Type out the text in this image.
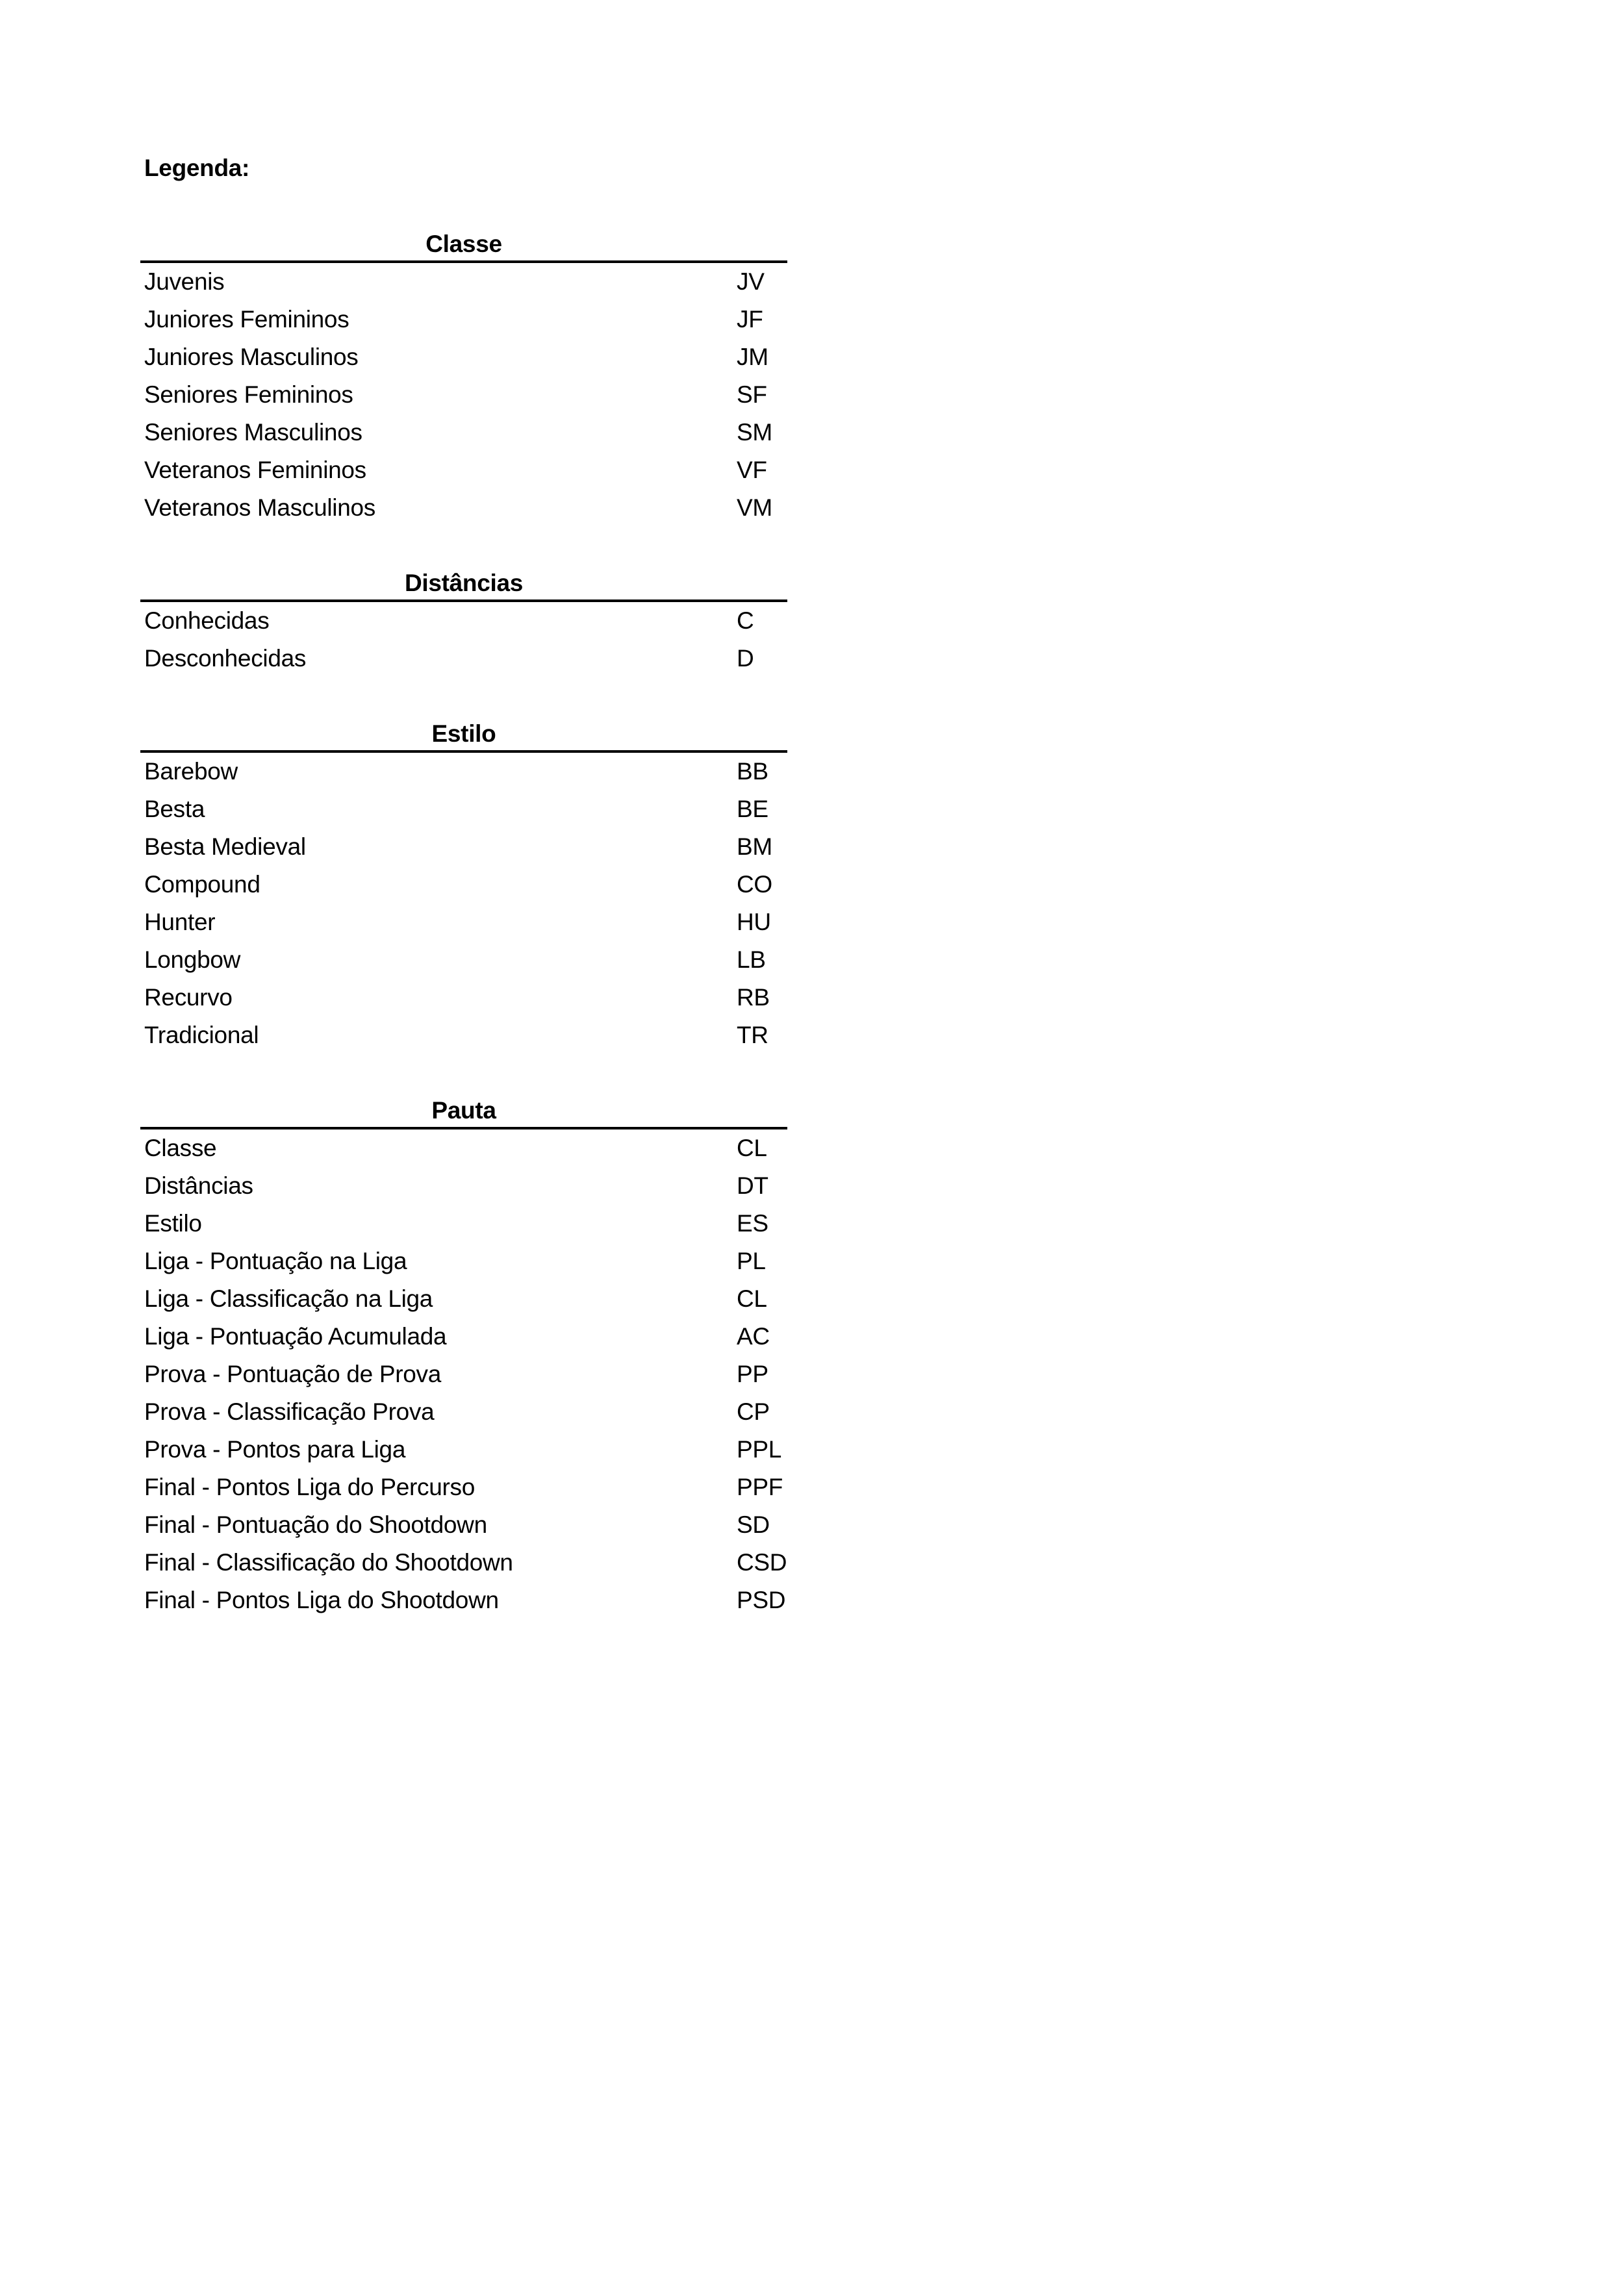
Legenda:
Classe
Juvenis	JV
Juniores Femininos	JF
Juniores Masculinos	JM
Seniores Femininos	SF
Seniores Masculinos	SM
Veteranos Femininos	VF
Veteranos Masculinos	VM
Distâncias
Conhecidas	C
Desconhecidas	D
Estilo
Barebow	BB
Besta	BE
Besta Medieval	BM
Compound	CO
Hunter	HU
Longbow	LB
Recurvo	RB
Tradicional	TR
Pauta
Classe	CL
Distâncias	DT
Estilo	ES
Liga - Pontuação na Liga	PL
Liga - Classificação na Liga	CL
Liga - Pontuação Acumulada	AC
Prova - Pontuação de Prova	PP
Prova - Classificação Prova	CP
Prova - Pontos para Liga	PPL
Final - Pontos Liga do Percurso	PPF
Final - Pontuação do Shootdown	SD
Final - Classificação do Shootdown	CSD
Final - Pontos Liga do Shootdown	PSD
